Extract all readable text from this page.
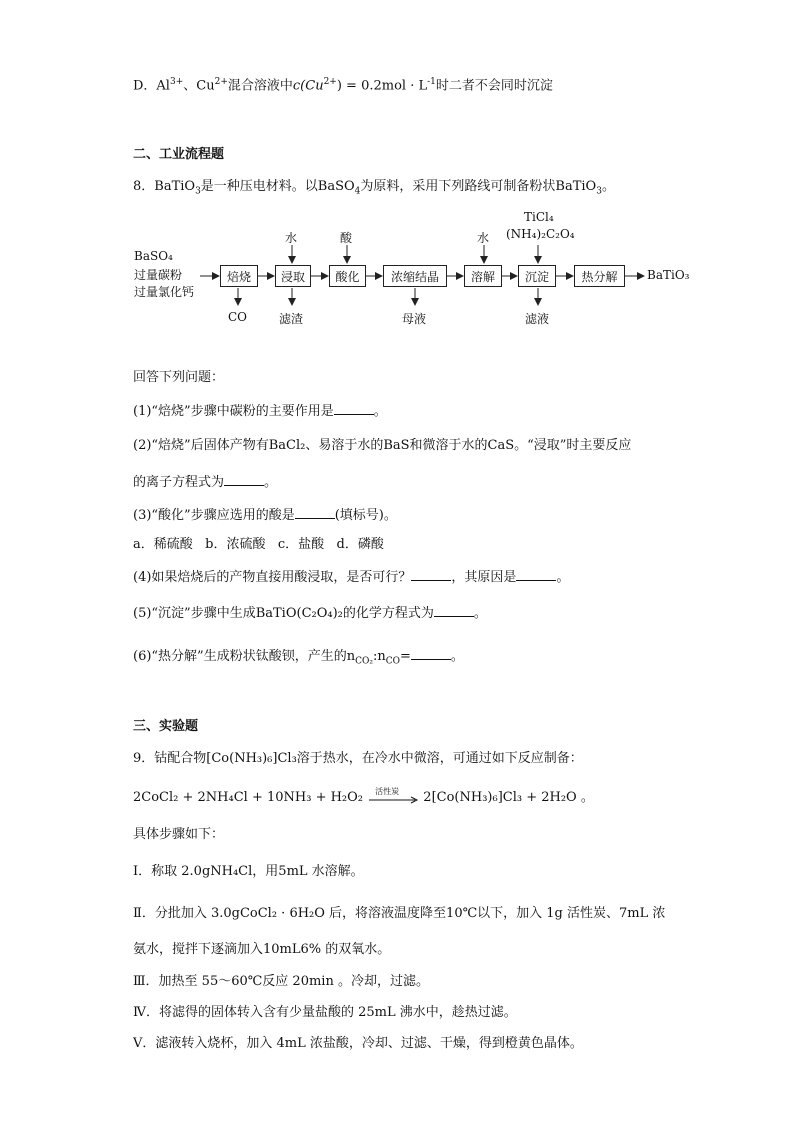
D．$Al^{3+}$、$Cu^{2+}$混合溶液中$c(Cu^{2+}) = 0.2mol \cdot L^{-1}$时二者不会同时沉淀
二、工业流程题
8．BaTiO$_3$是一种压电材料。以BaSO$_4$为原料，采用下列路线可制备粉状BaTiO$_3$。
BaSO₄
过量碳粉
过量氯化钙
焙烧	浸取	酸化	浓缩结晶	溶解	沉淀	热分解	BaTiO₃
水	酸	水
TiCl₄
(NH₄)₂C₂O₄
CO	滤渣	母液	滤液
回答下列问题：
(1)“焙烧”步骤中碳粉的主要作用是	。
(2)“焙烧”后固体产物有BaCl₂、易溶于水的BaS和微溶于水的CaS。“浸取”时主要反应
的离子方程式为	。
(3)“酸化”步骤应选用的酸是	(填标号)。
a．稀硫酸   b．浓硫酸   c．盐酸   d．磷酸
(4)如果焙烧后的产物直接用酸浸取，是否可行？	，其原因是	。
(5)“沉淀”步骤中生成BaTiO(C₂O₄)₂的化学方程式为	。
(6)“热分解”生成粉状钛酸钡，产生的$n_{CO_2}:n_{CO}=$	。
三、实验题
9．钴配合物[Co(NH₃)₆]Cl₃溶于热水，在冷水中微溶，可通过如下反应制备：
2CoCl₂ + 2NH₄Cl + 10NH₃ + H₂O₂ 活性炭 2[Co(NH₃)₆]Cl₃ + 2H₂O 。
具体步骤如下：
Ⅰ．称取 2.0gNH₄Cl，用5mL 水溶解。
Ⅱ．分批加入 3.0gCoCl₂ · 6H₂O 后，将溶液温度降至10℃以下，加入 1g 活性炭、7mL 浓
氨水，搅拌下逐滴加入10mL6% 的双氧水。
Ⅲ．加热至 55～60℃反应 20min 。冷却，过滤。
Ⅳ．将滤得的固体转入含有少量盐酸的 25mL 沸水中，趁热过滤。
Ⅴ．滤液转入烧杯，加入 4mL 浓盐酸，冷却、过滤、干燥，得到橙黄色晶体。
